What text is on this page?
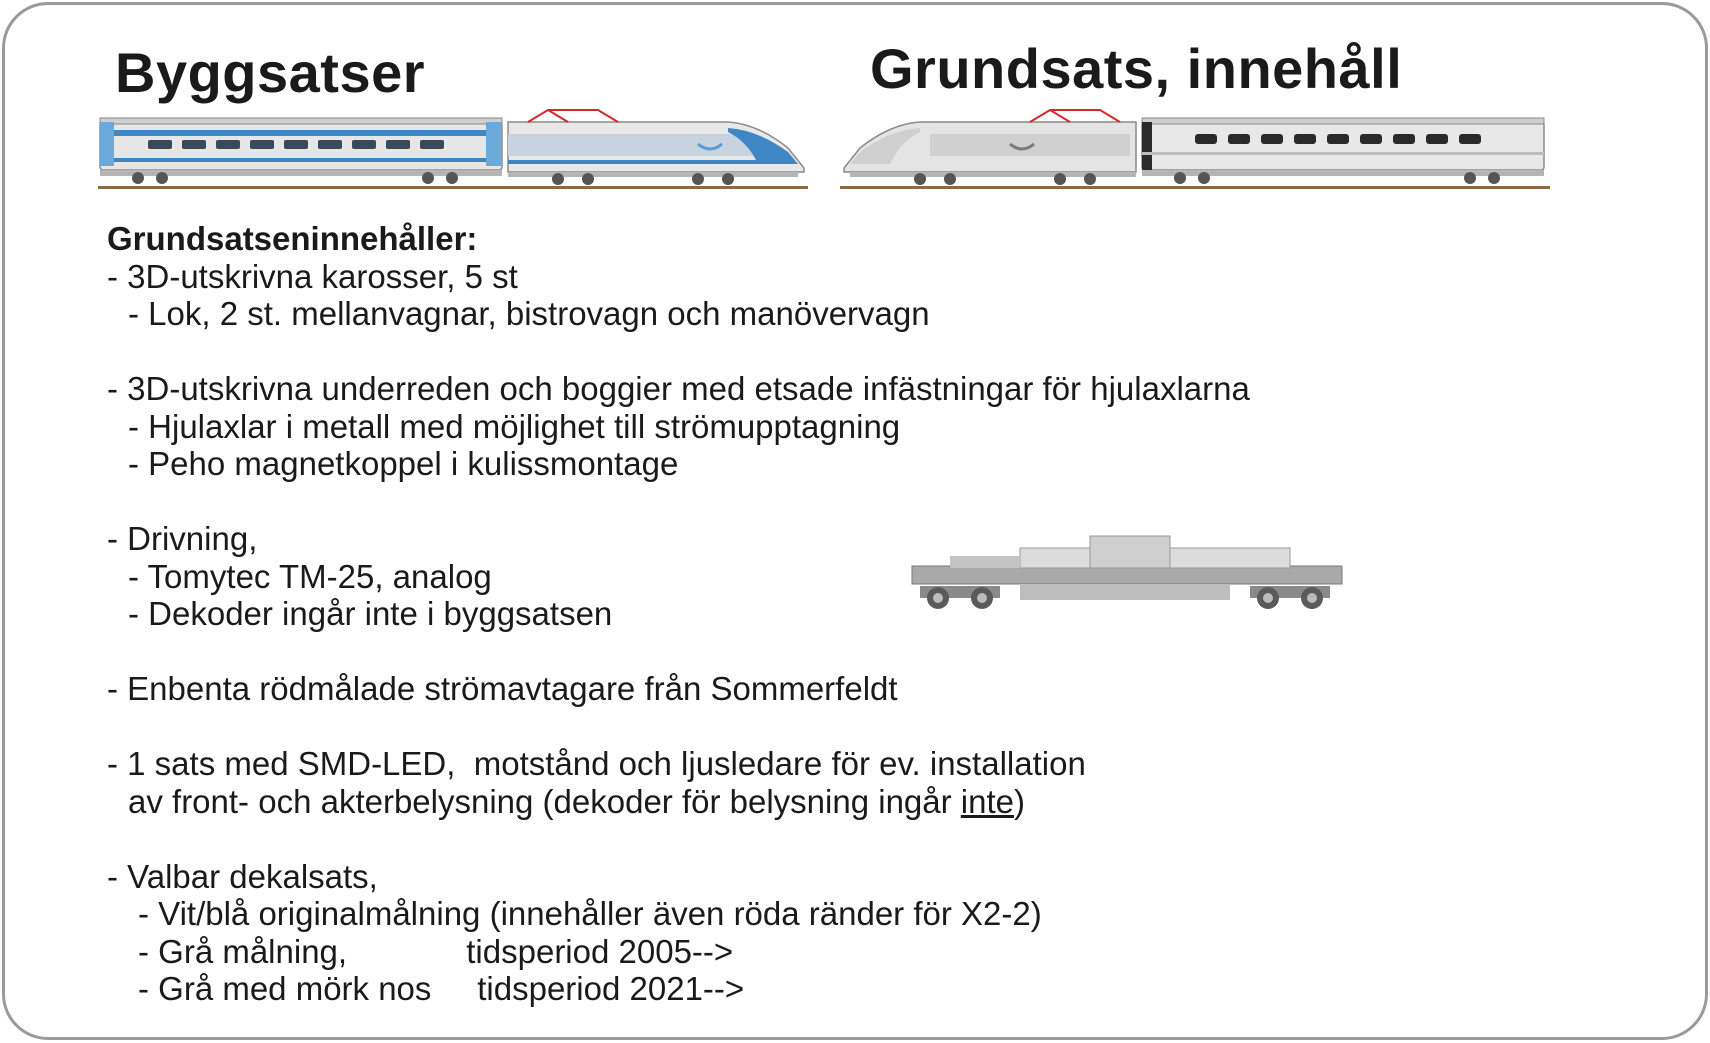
Byggsatser	Grundsats, innehåll

Grundsatseninnehåller:

- 3D-utskrivna karosser, 5 st

- Lok, 2 st. mellanvagnar, bistrovagn och manövervagn

- 3D-utskrivna underreden och boggier med etsade infästningar för hjulaxlarna

- Hjulaxlar i metall med möjlighet till strömupptagning

- Peho magnetkoppel i kulissmontage

- Drivning,

- Tomytec TM-25, analog

- Dekoder ingår inte i byggsatsen

- Enbenta rödmålade strömavtagare från Sommerfeldt

- 1 sats med SMD-LED,  motstånd och ljusledare för ev. installation

av front- och akterbelysning (dekoder för belysning ingår inte)

- Valbar dekalsats,

- Vit/blå originalmålning (innehåller även röda ränder för X2-2)

- Grå målning,             tidsperiod 2005-->

- Grå med mörk nos     tidsperiod 2021-->
